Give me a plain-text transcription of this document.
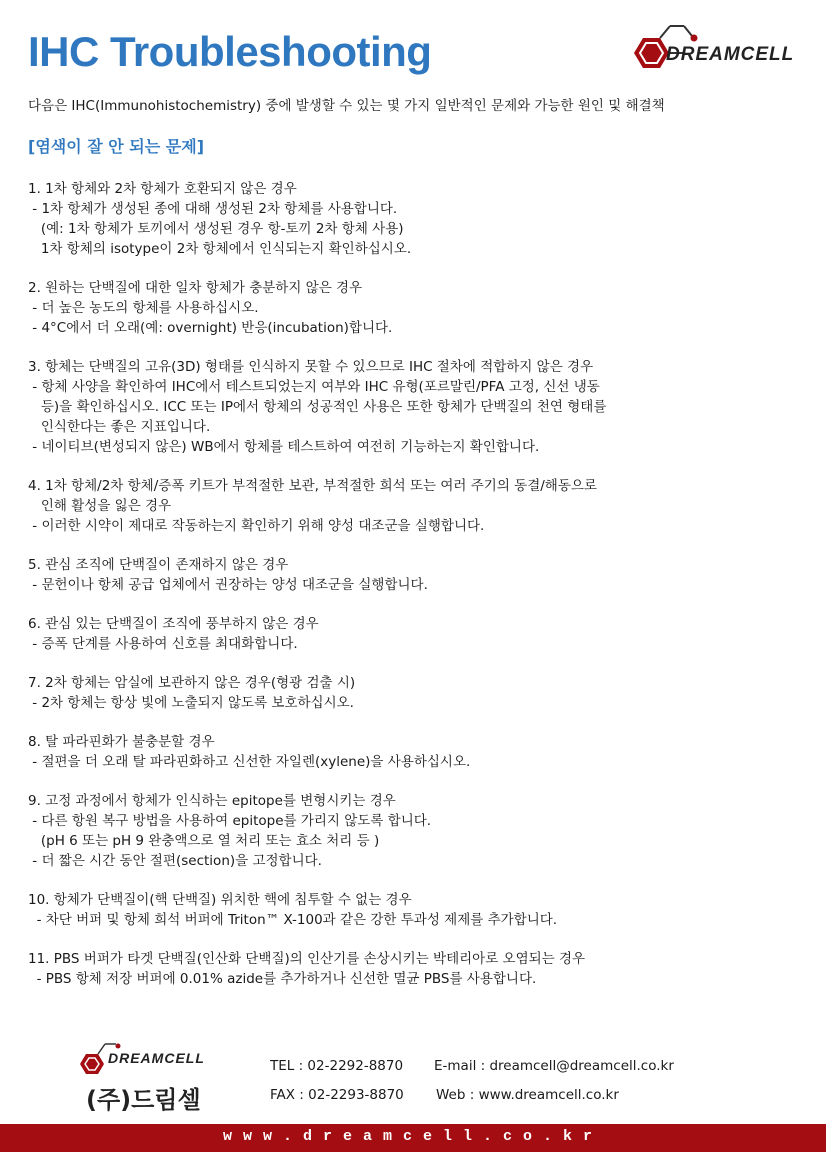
IHC Troubleshooting	DREAMCELL

다음은 IHC(Immunohistochemistry) 중에 발생할 수 있는 몇 가지 일반적인 문제와 가능한 원인 및 해결책
[염색이 잘 안 되는 문제]
1. 1차 항체와 2차 항체가 호환되지 않은 경우
- 1차 항체가 생성된 종에 대해 생성된 2차 항체를 사용합니다.
(예: 1차 항체가 토끼에서 생성된 경우 항-토끼 2차 항체 사용)
1차 항체의 isotype이 2차 항체에서 인식되는지 확인하십시오.
2. 원하는 단백질에 대한 일차 항체가 충분하지 않은 경우
- 더 높은 농도의 항체를 사용하십시오.
- 4°C에서 더 오래(예: overnight) 반응(incubation)합니다.
3. 항체는 단백질의 고유(3D) 형태를 인식하지 못할 수 있으므로 IHC 절차에 적합하지 않은 경우
- 항체 사양을 확인하여 IHC에서 테스트되었는지 여부와 IHC 유형(포르말린/PFA 고정, 신선 냉동
등)을 확인하십시오. ICC 또는 IP에서 항체의 성공적인 사용은 또한 항체가 단백질의 천연 형태를
인식한다는 좋은 지표입니다.
- 네이티브(변성되지 않은) WB에서 항체를 테스트하여 여전히 기능하는지 확인합니다.
4. 1차 항체/2차 항체/증폭 키트가 부적절한 보관, 부적절한 희석 또는 여러 주기의 동결/해동으로
인해 활성을 잃은 경우
- 이러한 시약이 제대로 작동하는지 확인하기 위해 양성 대조군을 실행합니다.
5. 관심 조직에 단백질이 존재하지 않은 경우
- 문헌이나 항체 공급 업체에서 권장하는 양성 대조군을 실행합니다.
6. 관심 있는 단백질이 조직에 풍부하지 않은 경우
- 증폭 단계를 사용하여 신호를 최대화합니다.
7. 2차 항체는 암실에 보관하지 않은 경우(형광 검출 시)
- 2차 항체는 항상 빛에 노출되지 않도록 보호하십시오.
8. 탈 파라핀화가 불충분할 경우
- 절편을 더 오래 탈 파라핀화하고 신선한 자일렌(xylene)을 사용하십시오.
9. 고정 과정에서 항체가 인식하는 epitope를 변형시키는 경우
- 다른 항원 복구 방법을 사용하여 epitope를 가리지 않도록 합니다.
(pH 6 또는 pH 9 완충액으로 열 처리 또는 효소 처리 등 )
- 더 짧은 시간 동안 절편(section)을 고정합니다.
10. 항체가 단백질이(핵 단백질) 위치한 핵에 침투할 수 없는 경우
- 차단 버퍼 및 항체 희석 버퍼에 Triton™ X-100과 같은 강한 투과성 제제를 추가합니다.
11. PBS 버퍼가 타겟 단백질(인산화 단백질)의 인산기를 손상시키는 박테리아로 오염되는 경우
- PBS 항체 저장 버퍼에 0.01% azide를 추가하거나 신선한 멸균 PBS를 사용합니다.

DREAMCELL

(주)드림셀

TEL : 02-2292-8870
FAX : 02-2293-8870
E-mail : dreamcell@dreamcell.co.kr
Web : www.dreamcell.co.kr
www.dreamcell.co.kr
